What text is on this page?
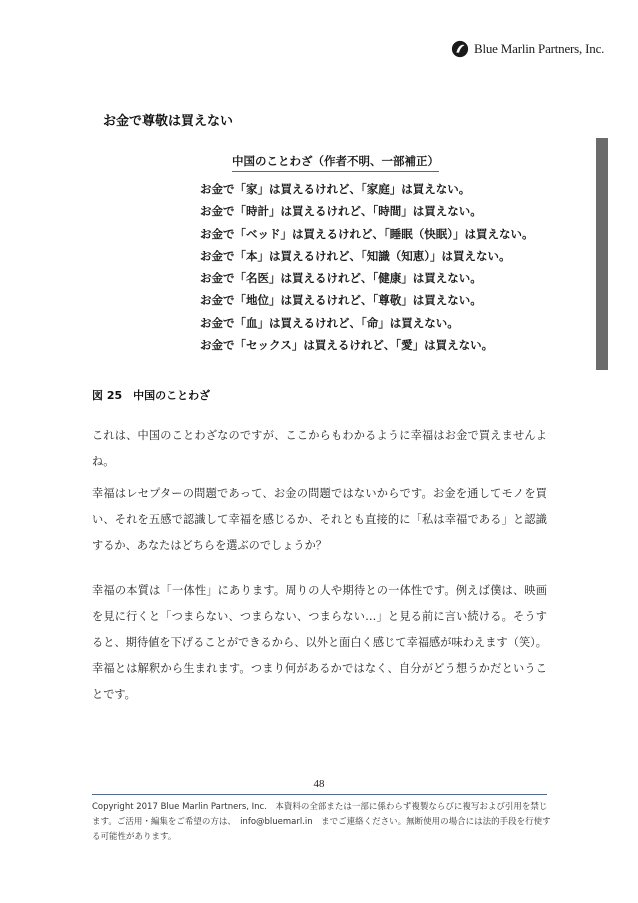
Blue Marlin Partners, Inc.
お金で尊敬は買えない
中国のことわざ（作者不明、一部補正）
お金で「家」は買えるけれど、「家庭」は買えない。
お金で「時計」は買えるけれど、「時間」は買えない。
お金で「ベッド」は買えるけれど、「睡眠（快眠）」は買えない。
お金で「本」は買えるけれど、「知識（知恵）」は買えない。
お金で「名医」は買えるけれど、「健康」は買えない。
お金で「地位」は買えるけれど、「尊敬」は買えない。
お金で「血」は買えるけれど、「命」は買えない。
お金で「セックス」は買えるけれど、「愛」は買えない。
図 25　中国のことわざ

これは、中国のことわざなのですが、ここからもわかるように幸福はお金で買えませんよね。

幸福はレセプターの問題であって、お金の問題ではないからです。お金を通してモノを買い、それを五感で認識して幸福を感じるか、それとも直接的に「私は幸福である」と認識するか、あなたはどちらを選ぶのでしょうか？

幸福の本質は「一体性」にあります。周りの人や期待との一体性です。例えば僕は、映画を見に行くと「つまらない、つまらない、つまらない…」と見る前に言い続ける。そうすると、期待値を下げることができるから、以外と面白く感じて幸福感が味わえます（笑）。幸福とは解釈から生まれます。つまり何があるかではなく、自分がどう想うかだということです。

48
Copyright 2017 Blue Marlin Partners, Inc.　本資料の全部または一部に係わらず複製ならびに複写および引用を禁じます。ご活用・編集をご希望の方は、　info@bluemarl.in　までご連絡ください。無断使用の場合には法的手段を行使する可能性があります。
